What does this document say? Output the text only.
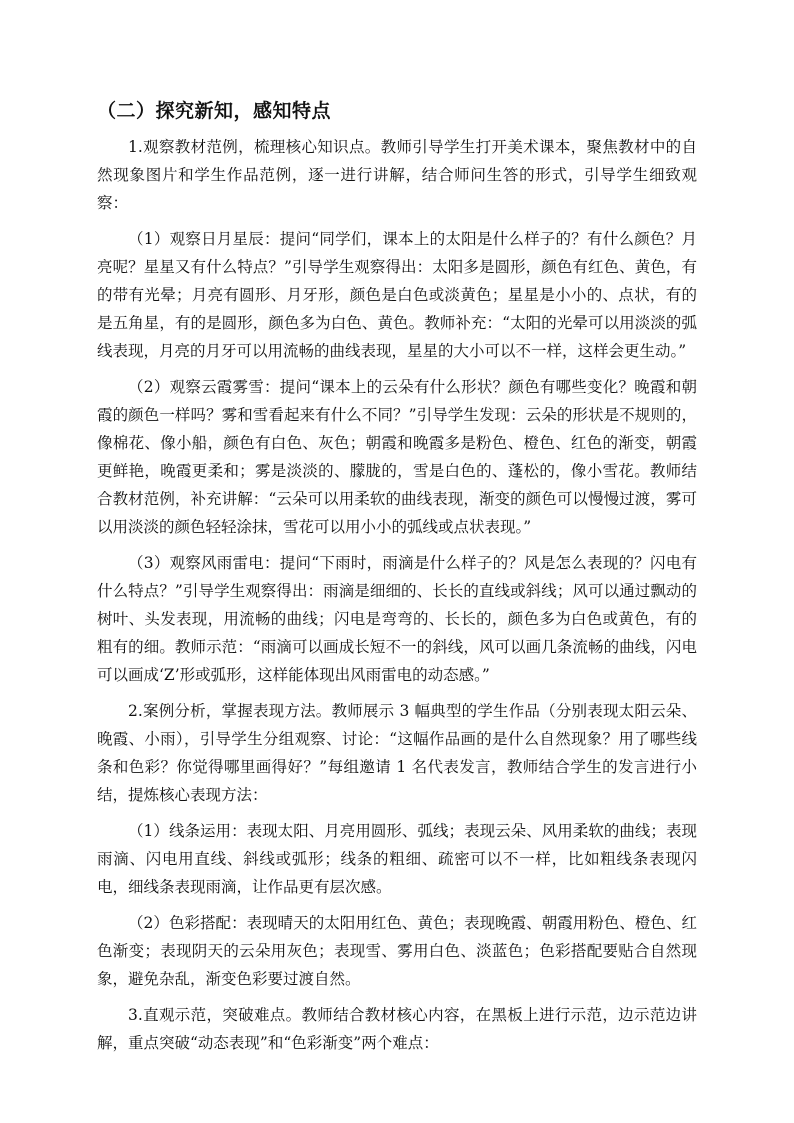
（二）探究新知，感知特点

1.观察教材范例，梳理核心知识点。教师引导学生打开美术课本，聚焦教材中的自然现象图片和学生作品范例，逐一进行讲解，结合师问生答的形式，引导学生细致观察：

（1）观察日月星辰：提问“同学们，课本上的太阳是什么样子的？有什么颜色？月亮呢？星星又有什么特点？”引导学生观察得出：太阳多是圆形，颜色有红色、黄色，有的带有光晕；月亮有圆形、月牙形，颜色是白色或淡黄色；星星是小小的、点状，有的是五角星，有的是圆形，颜色多为白色、黄色。教师补充：“太阳的光晕可以用淡淡的弧线表现，月亮的月牙可以用流畅的曲线表现，星星的大小可以不一样，这样会更生动。”

（2）观察云霞雾雪：提问“课本上的云朵有什么形状？颜色有哪些变化？晚霞和朝霞的颜色一样吗？雾和雪看起来有什么不同？”引导学生发现：云朵的形状是不规则的，像棉花、像小船，颜色有白色、灰色；朝霞和晚霞多是粉色、橙色、红色的渐变，朝霞更鲜艳，晚霞更柔和；雾是淡淡的、朦胧的，雪是白色的、蓬松的，像小雪花。教师结合教材范例，补充讲解：“云朵可以用柔软的曲线表现，渐变的颜色可以慢慢过渡，雾可以用淡淡的颜色轻轻涂抹，雪花可以用小小的弧线或点状表现。”

（3）观察风雨雷电：提问“下雨时，雨滴是什么样子的？风是怎么表现的？闪电有什么特点？”引导学生观察得出：雨滴是细细的、长长的直线或斜线；风可以通过飘动的树叶、头发表现，用流畅的曲线；闪电是弯弯的、长长的，颜色多为白色或黄色，有的粗有的细。教师示范：“雨滴可以画成长短不一的斜线，风可以画几条流畅的曲线，闪电可以画成‘Z’形或弧形，这样能体现出风雨雷电的动态感。”

2.案例分析，掌握表现方法。教师展示 3 幅典型的学生作品（分别表现太阳云朵、晚霞、小雨），引导学生分组观察、讨论：“这幅作品画的是什么自然现象？用了哪些线条和色彩？你觉得哪里画得好？”每组邀请 1 名代表发言，教师结合学生的发言进行小结，提炼核心表现方法：

（1）线条运用：表现太阳、月亮用圆形、弧线；表现云朵、风用柔软的曲线；表现雨滴、闪电用直线、斜线或弧形；线条的粗细、疏密可以不一样，比如粗线条表现闪电，细线条表现雨滴，让作品更有层次感。

（2）色彩搭配：表现晴天的太阳用红色、黄色；表现晚霞、朝霞用粉色、橙色、红色渐变；表现阴天的云朵用灰色；表现雪、雾用白色、淡蓝色；色彩搭配要贴合自然现象，避免杂乱，渐变色彩要过渡自然。

3.直观示范，突破难点。教师结合教材核心内容，在黑板上进行示范，边示范边讲解，重点突破“动态表现”和“色彩渐变”两个难点：
